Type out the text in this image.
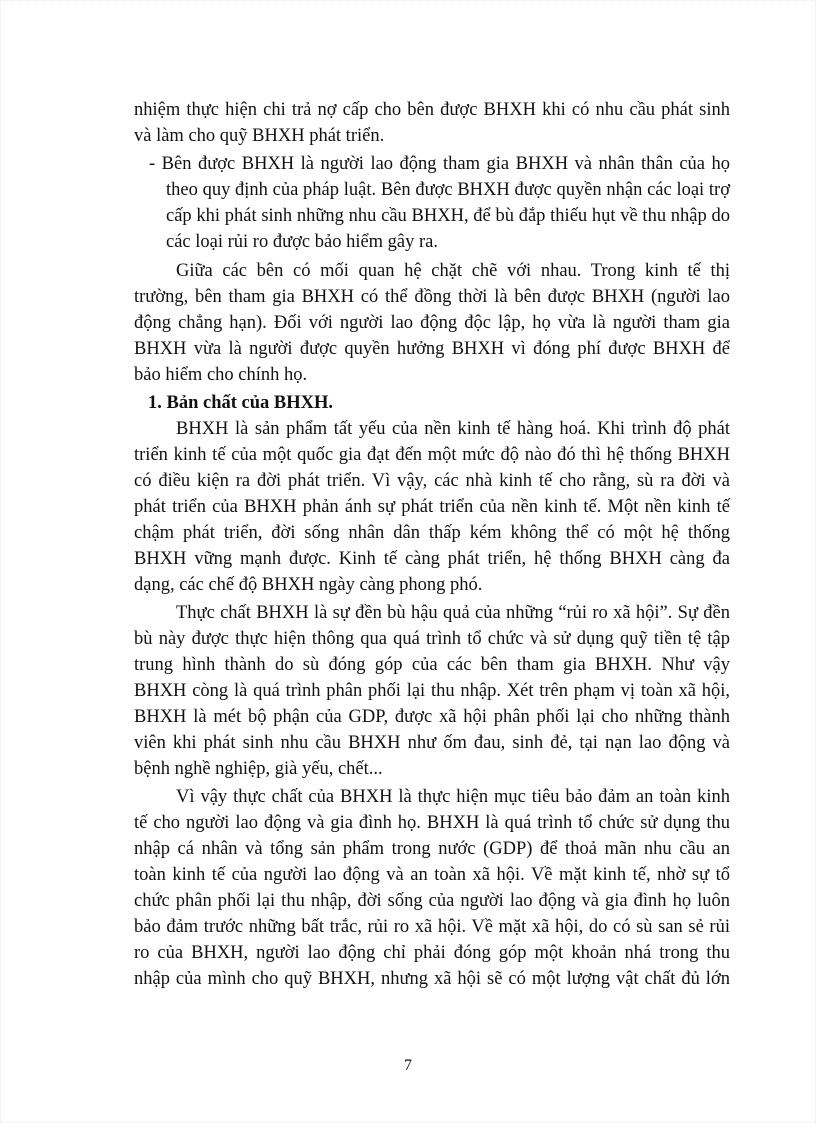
nhiệm thực hiện chi trả nợ cấp cho bên được BHXH khi có nhu cầu phát sinh
và làm cho quỹ BHXH phát triển.
- Bên được BHXH là người lao động tham gia BHXH và nhân thân của họ
theo quy định của pháp luật. Bên được BHXH được quyền nhận các loại trợ
cấp khi phát sinh những nhu cầu BHXH, để bù đắp thiếu hụt về thu nhập do
các loại rủi ro được bảo hiểm gây ra.
Giữa các bên có mối quan hệ chặt chẽ với nhau. Trong kinh tế thị
trường, bên tham gia BHXH có thể đồng thời là bên được BHXH (người lao
động chẳng hạn). Đối với người lao động độc lập, họ vừa là người tham gia
BHXH vừa là người được quyền hưởng BHXH vì đóng phí được BHXH để
bảo hiểm cho chính họ.
1. Bản chất của BHXH.
BHXH là sản phẩm tất yếu của nền kinh tế hàng hoá. Khi trình độ phát
triển kinh tế của một quốc gia đạt đến một mức độ nào đó thì hệ thống BHXH
có điều kiện ra đời phát triển. Vì vậy, các nhà kinh tế cho rằng, sù ra đời và
phát triển của BHXH phản ánh sự phát triển của nền kinh tế. Một nền kinh tế
chậm phát triển, đời sống nhân dân thấp kém không thể có một hệ thống
BHXH vững mạnh được. Kinh tế càng phát triển, hệ thống BHXH càng đa
dạng, các chế độ BHXH ngày càng phong phó.
Thực chất BHXH là sự đền bù hậu quả của những “rủi ro xã hội”. Sự đền
bù này được thực hiện thông qua quá trình tổ chức và sử dụng quỹ tiền tệ tập
trung hình thành do sù đóng góp của các bên tham gia BHXH. Như vậy
BHXH còng là quá trình phân phối lại thu nhập. Xét trên phạm vị toàn xã hội,
BHXH là mét bộ phận của GDP, được xã hội phân phối lại cho những thành
viên khi phát sinh nhu cầu BHXH như ốm đau, sinh đẻ, tại nạn lao động và
bệnh nghề nghiệp, già yếu, chết...
Vì vậy thực chất của BHXH là thực hiện mục tiêu bảo đảm an toàn kinh
tế cho người lao động và gia đình họ. BHXH là quá trình tổ chức sử dụng thu
nhập cá nhân và tổng sản phẩm trong nước (GDP) để thoả mãn nhu cầu an
toàn kinh tế của người lao động và an toàn xã hội. Về mặt kinh tế, nhờ sự tổ
chức phân phối lại thu nhập, đời sống của người lao động và gia đình họ luôn
bảo đảm trước những bất trắc, rủi ro xã hội. Về mặt xã hội, do có sù san sẻ rủi
ro của BHXH, người lao động chỉ phải đóng góp một khoản nhá trong thu
nhập của mình cho quỹ BHXH, nhưng xã hội sẽ có một lượng vật chất đủ lớn
7
